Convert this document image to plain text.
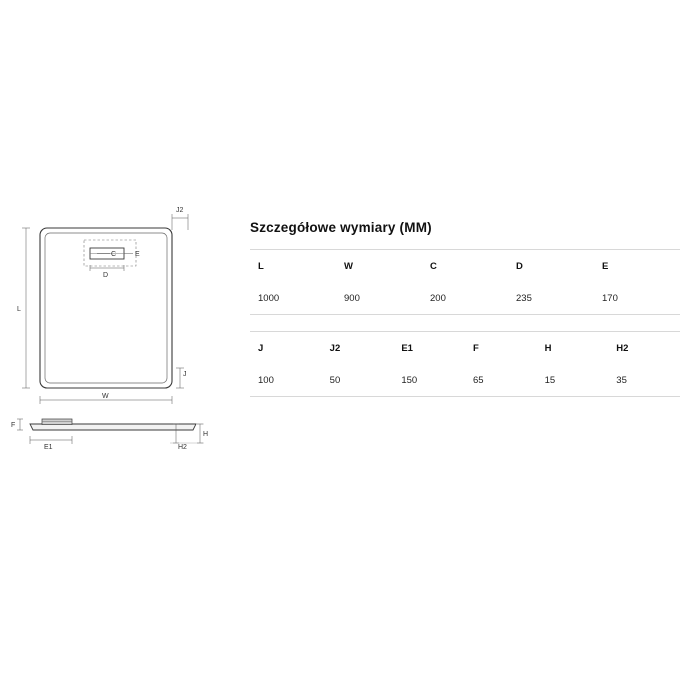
C	E
D
J2
L
W
J
F
E1	H2
H
Szczegółowe wymiary (MM)
L	W	C	D	E
1000	900	200	235	170
J	J2	E1	F	H	H2
100	50	150	65	15	35
